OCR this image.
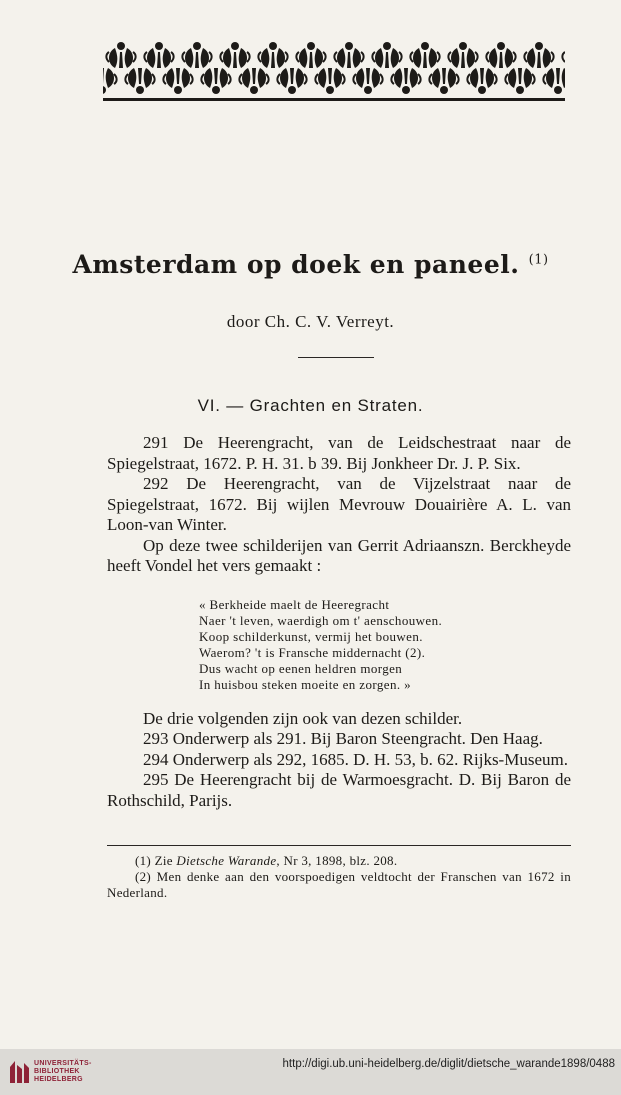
Amsterdam op doek en paneel. $^{(1)}$
door Ch. C. V. Verreyt.
VI. — Grachten en Straten.

291 De Heerengracht, van de Leidschestraat naar de Spiegelstraat, 1672. P. H. 31. b 39. Bij Jonkheer Dr. J. P. Six.

292 De Heerengracht, van de Vijzelstraat naar de Spiegelstraat, 1672. Bij wijlen Mevrouw Douairière A. L. van Loon-van Winter.

Op deze twee schilderijen van Gerrit Adriaanszn. Berckheyde heeft Vondel het vers gemaakt :

« Berkheide maelt de Heeregracht
Naer 't leven, waerdigh om t' aenschouwen.
Koop schilderkunst, vermij het bouwen.
Waerom? 't is Fransche middernacht (2).
Dus wacht op eenen heldren morgen
In huisbou steken moeite en zorgen. »

De drie volgenden zijn ook van dezen schilder.

293 Onderwerp als 291. Bij Baron Steengracht. Den Haag.

294 Onderwerp als 292, 1685. D. H. 53, b. 62. Rijks-Museum.

295 De Heerengracht bij de Warmoesgracht. D. Bij Baron de Rothschild, Parijs.

(1) Zie Dietsche Warande, Nr 3, 1898, blz. 208.

(2) Men denke aan den voorspoedigen veldtocht der Franschen van 1672 in Nederland.

UNIVERSITÄTS-
BIBLIOTHEK
HEIDELBERG
http://digi.ub.uni-heidelberg.de/diglit/dietsche_warande1898/0488
